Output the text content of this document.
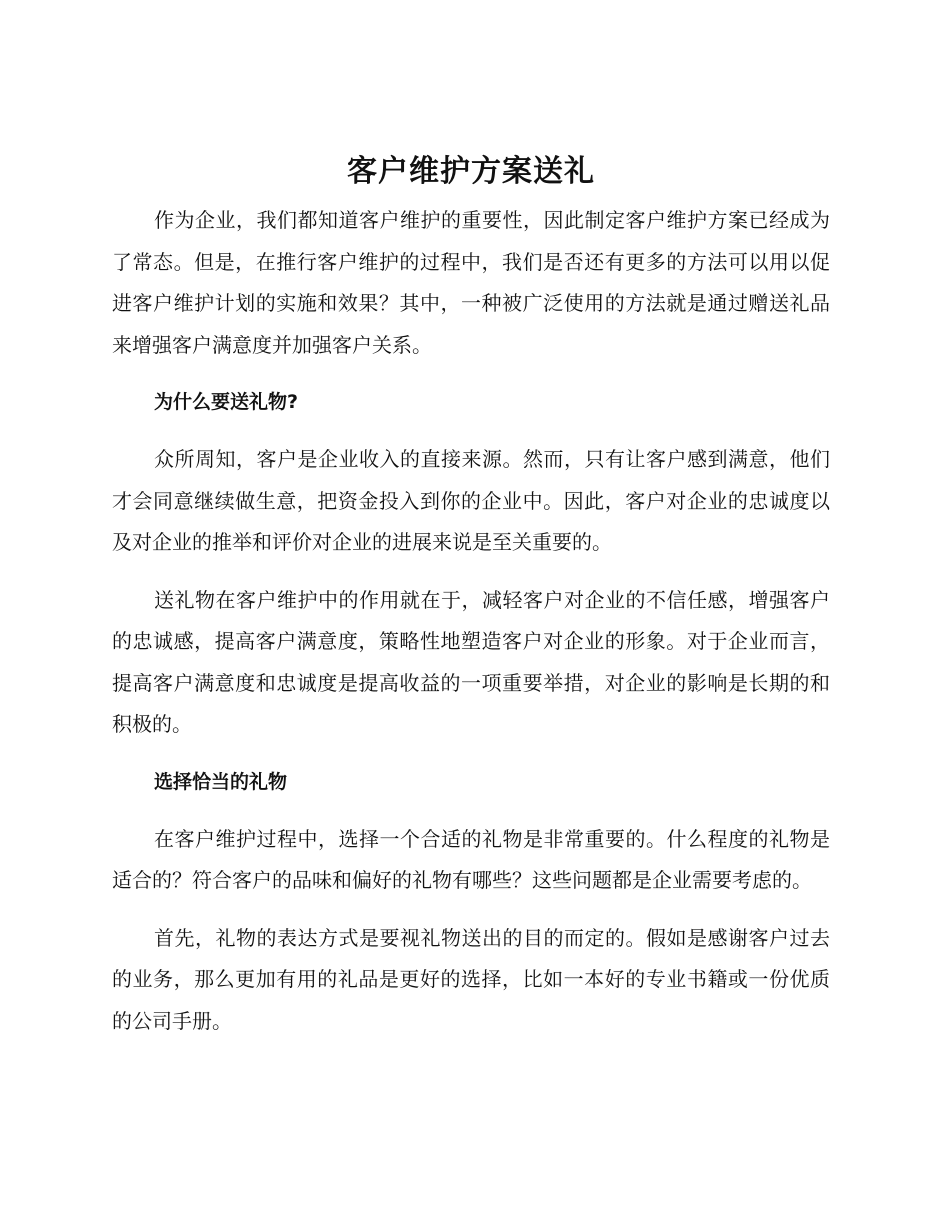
客户维护方案送礼

作为企业，我们都知道客户维护的重要性，因此制定客户维护方案已经成为了常态。但是，在推行客户维护的过程中，我们是否还有更多的方法可以用以促进客户维护计划的实施和效果？其中，一种被广泛使用的方法就是通过赠送礼品来增强客户满意度并加强客户关系。

为什么要送礼物?

众所周知，客户是企业收入的直接来源。然而，只有让客户感到满意，他们才会同意继续做生意，把资金投入到你的企业中。因此，客户对企业的忠诚度以及对企业的推举和评价对企业的进展来说是至关重要的。

送礼物在客户维护中的作用就在于，减轻客户对企业的不信任感，增强客户的忠诚感，提高客户满意度，策略性地塑造客户对企业的形象。对于企业而言，提高客户满意度和忠诚度是提高收益的一项重要举措，对企业的影响是长期的和积极的。

选择恰当的礼物

在客户维护过程中，选择一个合适的礼物是非常重要的。什么程度的礼物是适合的？符合客户的品味和偏好的礼物有哪些？这些问题都是企业需要考虑的。

首先，礼物的表达方式是要视礼物送出的目的而定的。假如是感谢客户过去的业务，那么更加有用的礼品是更好的选择，比如一本好的专业书籍或一份优质的公司手册。
